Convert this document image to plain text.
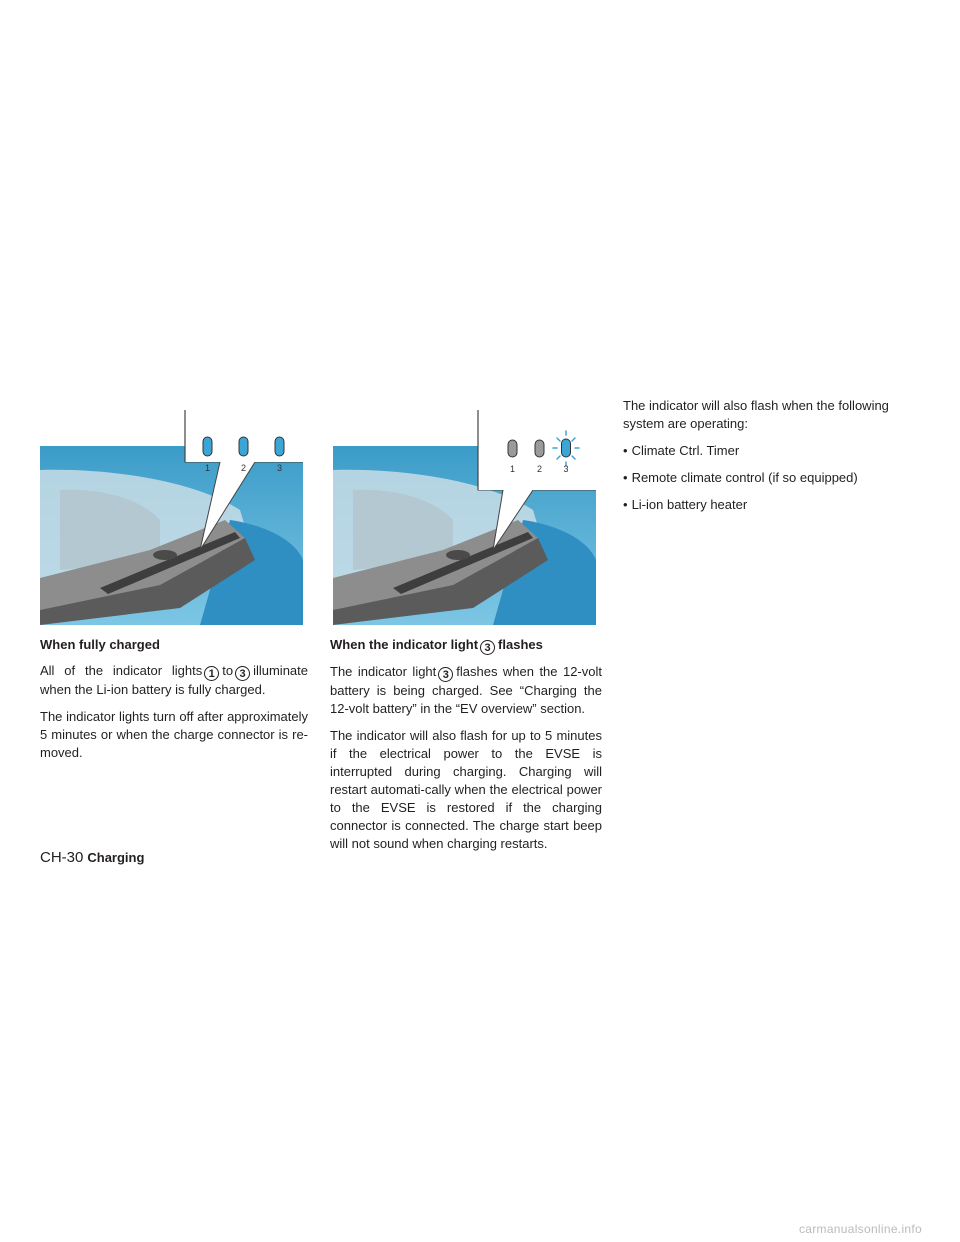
1	2	3	1 2 3
When fully charged

All of the indicator lights 1 to 3 illuminate when the Li-ion battery is fully charged.

The indicator lights turn off after approximately 5 minutes or when the charge connector is re-moved.

When the indicator light 3 flashes

The indicator light 3 flashes when the 12-volt battery is being charged. See “Charging the 12-volt battery” in the “EV overview” section.

The indicator will also flash for up to 5 minutes if the electrical power to the EVSE is interrupted during charging. Charging will restart automati-cally when the electrical power to the EVSE is restored if the charging connector is connected. The charge start beep will not sound when charging restarts.

The indicator will also flash when the following system are operating:

• Climate Ctrl. Timer
• Remote climate control (if so equipped)
• Li-ion battery heater
CH-30 Charging
carmanualsonline.info
